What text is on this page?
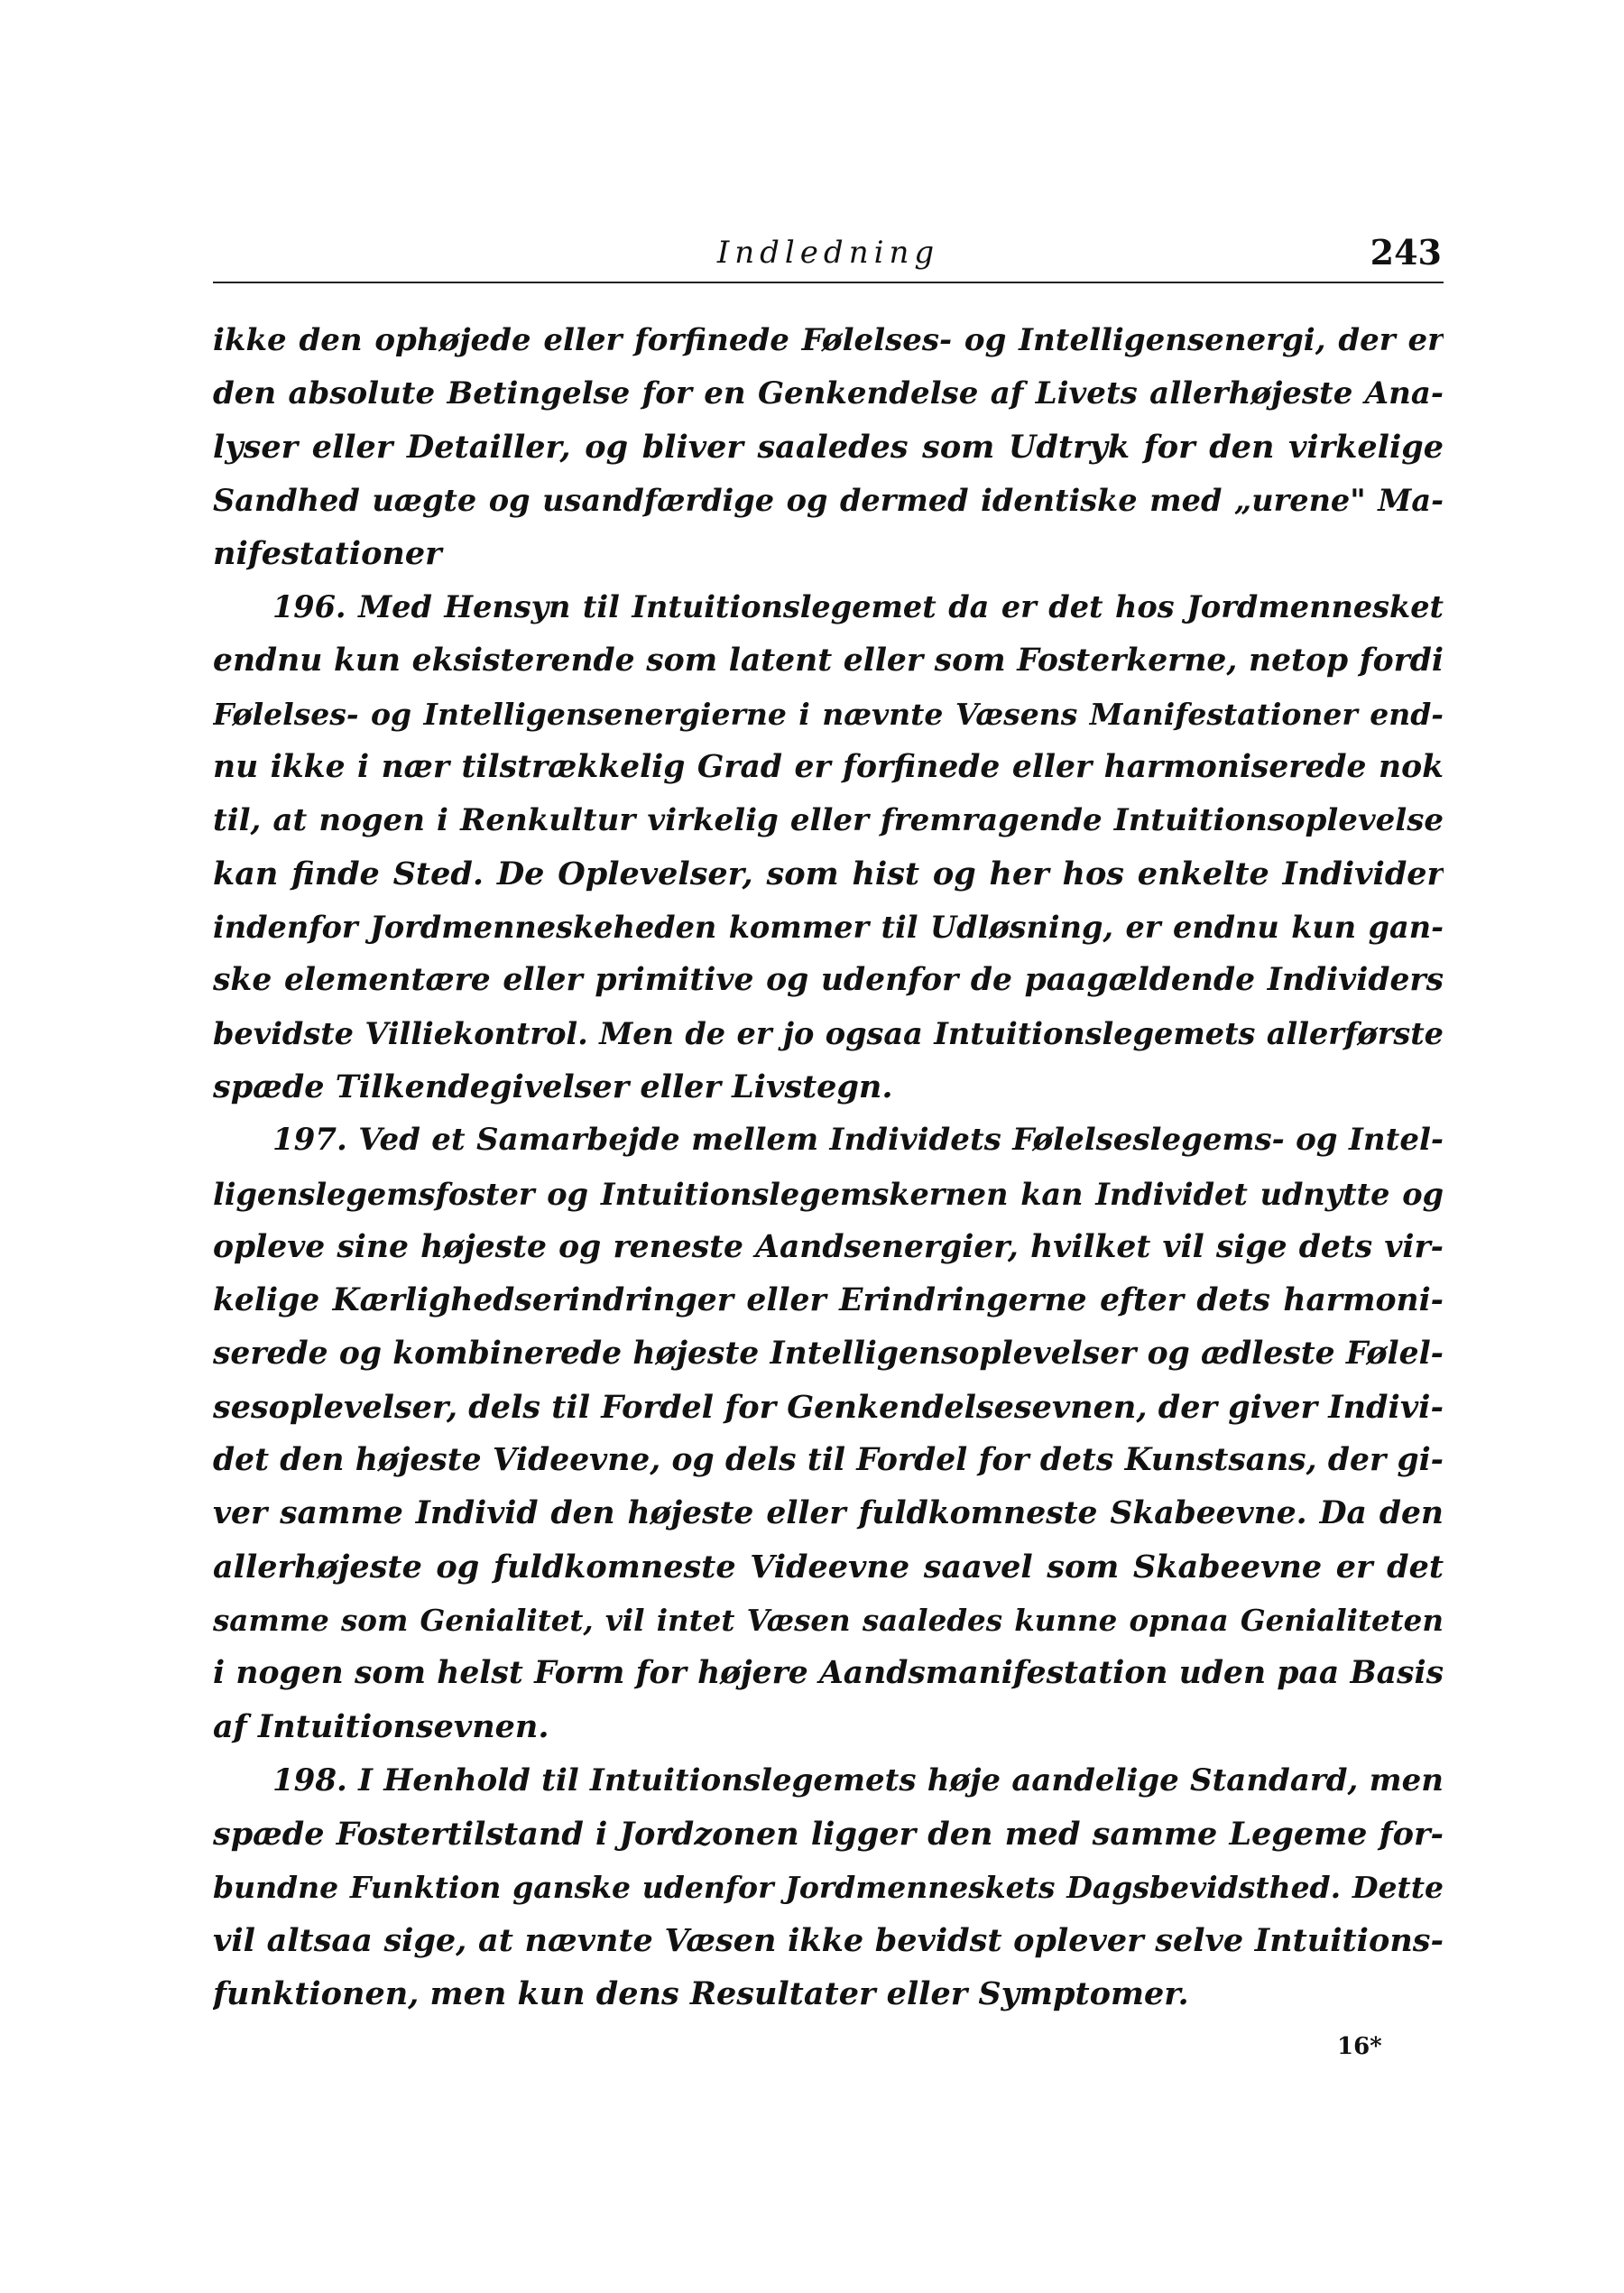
Indledning	243
ikke den ophøjede eller forfinede Følelses- og Intelligensenergi, der er
den absolute Betingelse for en Genkendelse af Livets allerhøjeste Ana-
lyser eller Detailler, og bliver saaledes som Udtryk for den virkelige
Sandhed uægte og usandfærdige og dermed identiske med „urene" Ma-
nifestationer
196. Med Hensyn til Intuitionslegemet da er det hos Jordmennesket
endnu kun eksisterende som latent eller som Fosterkerne, netop fordi
Følelses- og Intelligensenergierne i nævnte Væsens Manifestationer end-
nu ikke i nær tilstrækkelig Grad er forfinede eller harmoniserede nok
til, at nogen i Renkultur virkelig eller fremragende Intuitionsoplevelse
kan finde Sted. De Oplevelser, som hist og her hos enkelte Individer
indenfor Jordmenneskeheden kommer til Udløsning, er endnu kun gan-
ske elementære eller primitive og udenfor de paagældende Individers
bevidste Villiekontrol. Men de er jo ogsaa Intuitionslegemets allerførste
spæde Tilkendegivelser eller Livstegn.
197. Ved et Samarbejde mellem Individets Følelseslegems- og Intel-
ligenslegemsfoster og Intuitionslegemskernen kan Individet udnytte og
opleve sine højeste og reneste Aandsenergier, hvilket vil sige dets vir-
kelige Kærlighedserindringer eller Erindringerne efter dets harmoni-
serede og kombinerede højeste Intelligensoplevelser og ædleste Følel-
sesoplevelser, dels til Fordel for Genkendelsesevnen, der giver Indivi-
det den højeste Videevne, og dels til Fordel for dets Kunstsans, der gi-
ver samme Individ den højeste eller fuldkomneste Skabeevne. Da den
allerhøjeste og fuldkomneste Videevne saavel som Skabeevne er det
samme som Genialitet, vil intet Væsen saaledes kunne opnaa Genialiteten
i nogen som helst Form for højere Aandsmanifestation uden paa Basis
af Intuitionsevnen.
198. I Henhold til Intuitionslegemets høje aandelige Standard, men
spæde Fostertilstand i Jordzonen ligger den med samme Legeme for-
bundne Funktion ganske udenfor Jordmenneskets Dagsbevidsthed. Dette
vil altsaa sige, at nævnte Væsen ikke bevidst oplever selve Intuitions-
funktionen, men kun dens Resultater eller Symptomer.
16*
